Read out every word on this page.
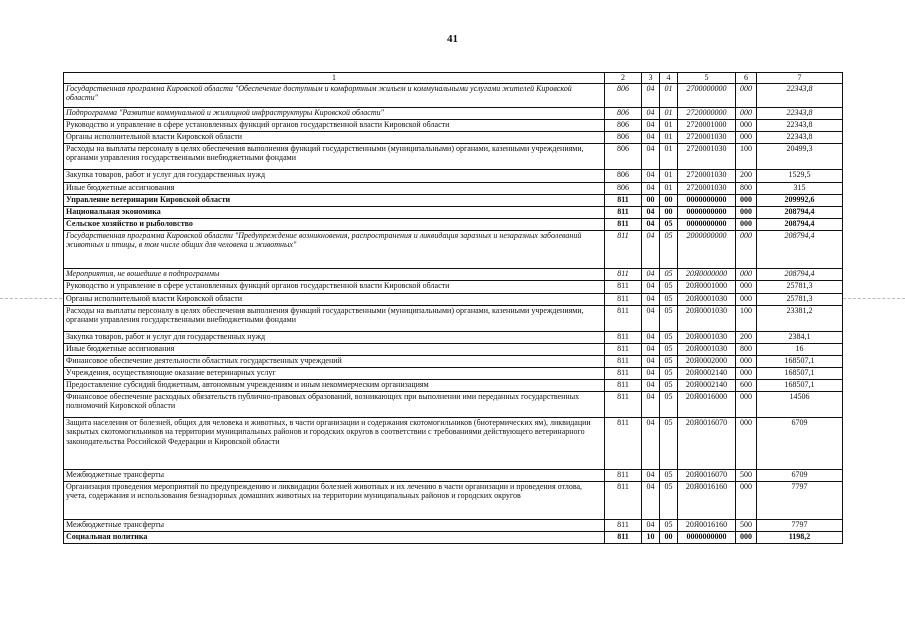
41
1	2	3	4	5	6	7
Государственная программа Кировской области "Обеспечение доступным и комфортным жильем и коммунальными услугами жителей Кировской области"	806	04	01	2700000000	000	22343,8
Подпрограмма "Развитие коммунальной и жилищной инфраструктуры Кировской области"	806	04	01	2720000000	000	22343,8
Руководство и управление в сфере установленных функций органов государственной власти Кировской области	806	04	01	2720001000	000	22343,8
Органы исполнительной власти Кировской области	806	04	01	2720001030	000	22343,8
Расходы на выплаты персоналу в целях обеспечения выполнения функций государственными (муниципальными) органами, казенными учреждениями, органами управления государственными внебюджетными фондами	806	04	01	2720001030	100	20499,3
Закупка товаров, работ и услуг для государственных нужд	806	04	01	2720001030	200	1529,5
Иные бюджетные ассигнования	806	04	01	2720001030	800	315
Управление ветеринарии Кировской области	811	00	00	0000000000	000	209992,6
Национальная экономика	811	04	00	0000000000	000	208794,4
Сельское хозяйство и рыболовство	811	04	05	0000000000	000	208794,4
Государственная программа Кировской области "Предупреждение возникновения, распространения и ликвидация заразных и незаразных заболеваний животных и птицы, в том числе общих для человека и животных"	811	04	05	2000000000	000	208794,4
Мероприятия, не вошедшие в подпрограммы	811	04	05	20Я0000000	000	208794,4
Руководство и управление в сфере установленных функций органов государственной власти Кировской области	811	04	05	20Я0001000	000	25781,3
Органы исполнительной власти Кировской области	811	04	05	20Я0001030	000	25781,3
Расходы на выплаты персоналу в целях обеспечения выполнения функций государственными (муниципальными) органами, казенными учреждениями, органами управления государственными внебюджетными фондами	811	04	05	20Я0001030	100	23381,2
Закупка товаров, работ и услуг для государственных нужд	811	04	05	20Я0001030	200	2384,1
Иные бюджетные ассигнования	811	04	05	20Я0001030	800	16
Финансовое обеспечение деятельности областных государственных учреждений	811	04	05	20Я0002000	000	168507,1
Учреждения, осуществляющие оказание ветеринарных услуг	811	04	05	20Я0002140	000	168507,1
Предоставление субсидий бюджетным, автономным учреждениям и иным некоммерческим организациям	811	04	05	20Я0002140	600	168507,1
Финансовое обеспечение расходных обязательств публично-правовых образований, возникающих при выполнении ими переданных государственных полномочий Кировской области	811	04	05	20Я0016000	000	14506
Защита населения от болезней, общих для человека и животных, в части организации и содержания скотомогильников (биотермических ям), ликвидации закрытых скотомогильников на территории муниципальных районов и городских округов в соответствии с требованиями действующего ветеринарного законодательства Российской Федерации и Кировской области	811	04	05	20Я0016070	000	6709
Межбюджетные трансферты	811	04	05	20Я0016070	500	6709
Организация проведения мероприятий по предупреждению и ликвидации болезней животных и их лечению в части организации и проведения отлова, учета, содержания и использования безнадзорных домашних животных на территории муниципальных районов и городских округов	811	04	05	20Я0016160	000	7797
Межбюджетные трансферты	811	04	05	20Я0016160	500	7797
Социальная политика	811	10	00	0000000000	000	1198,2
